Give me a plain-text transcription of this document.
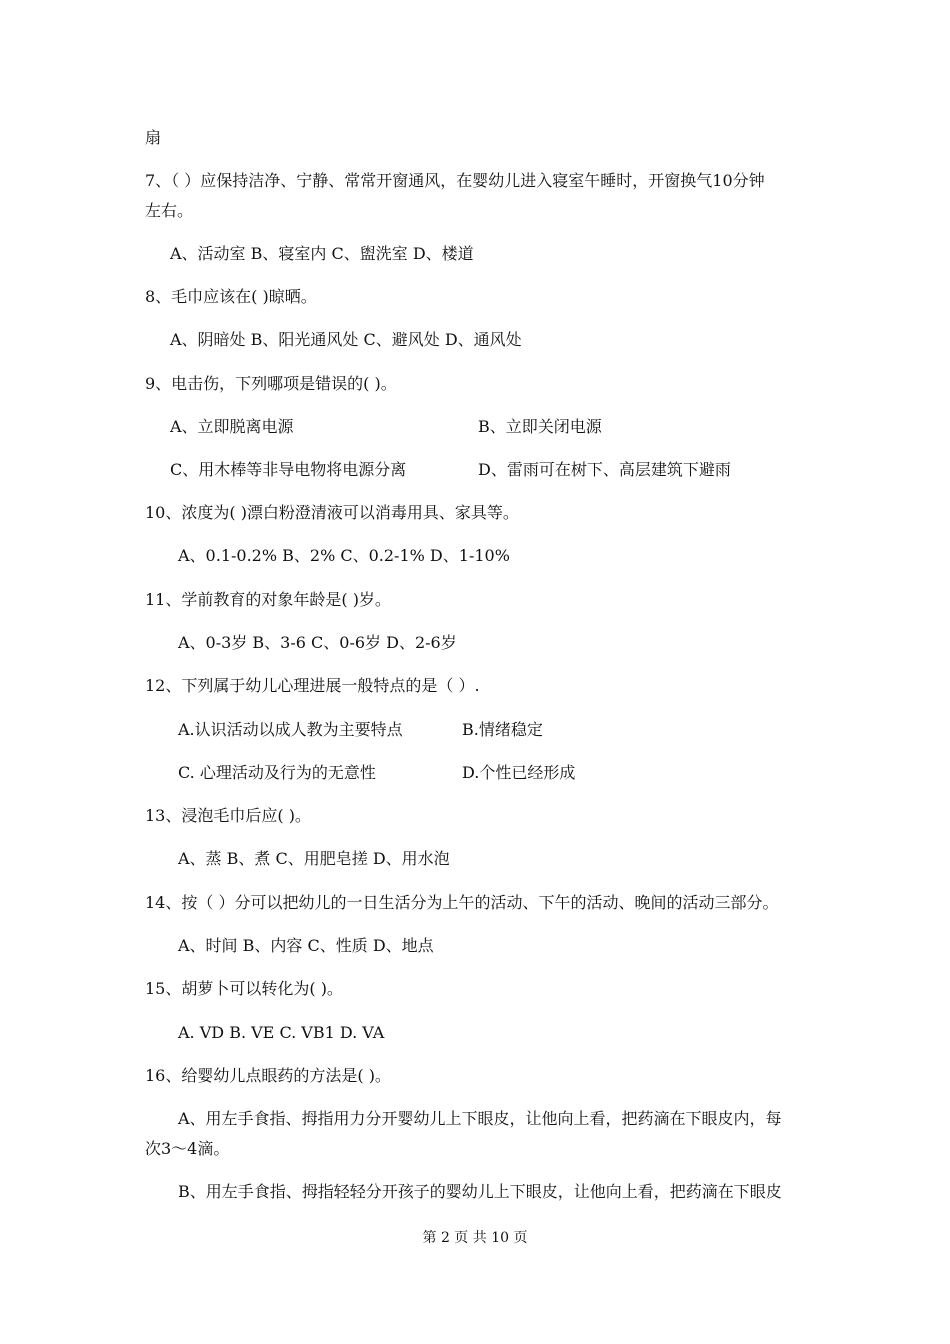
扇
7、（ ）应保持洁净、宁静、常常开窗通风，在婴幼儿进入寝室午睡时，开窗换气10分钟
左右。
A、活动室 B、寝室内 C、盥洗室 D、楼道
8、毛巾应该在( )晾晒。
A、阴暗处 B、阳光通风处 C、避风处 D、通风处
9、电击伤，下列哪项是错误的( )。
A、立即脱离电源	B、立即关闭电源
C、用木棒等非导电物将电源分离	D、雷雨可在树下、高层建筑下避雨
10、浓度为( )漂白粉澄清液可以消毒用具、家具等。
A、0.1-0.2% B、2% C、0.2-1% D、1-10%
11、学前教育的对象年龄是( )岁。
A、0-3岁 B、3-6 C、0-6岁 D、2-6岁
12、下列属于幼儿心理进展一般特点的是（ ）.
A.认识活动以成人教为主要特点	B.情绪稳定
C. 心理活动及行为的无意性	D.个性已经形成
13、浸泡毛巾后应( )。
A、蒸 B、煮 C、用肥皂搓 D、用水泡
14、按（ ）分可以把幼儿的一日生活分为上午的活动、下午的活动、晚间的活动三部分。
A、时间 B、内容 C、性质 D、地点
15、胡萝卜可以转化为( )。
A. VD B. VE C. VB1 D. VA
16、给婴幼儿点眼药的方法是( )。
A、用左手食指、拇指用力分开婴幼儿上下眼皮，让他向上看，把药滴在下眼皮内，每
次3～4滴。
B、用左手食指、拇指轻轻分开孩子的婴幼儿上下眼皮，让他向上看，把药滴在下眼皮
第 2 页 共 10 页
